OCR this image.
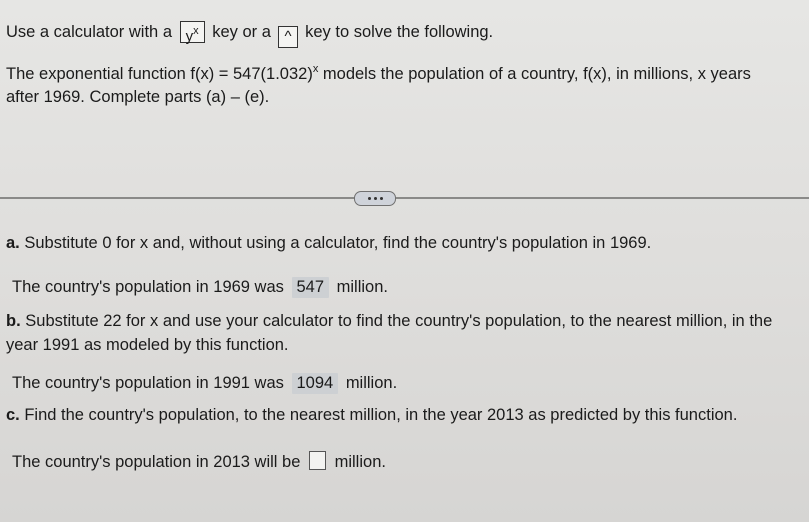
Use a calculator with a $y^x$ key or a ^ key to solve the following.
The exponential function $f(x) = 547(1.032)^x$ models the population of a country, f(x), in millions, x years
after 1969. Complete parts (a) – (e).
a. Substitute 0 for x and, without using a calculator, find the country's population in 1969.
The country's population in 1969 was 547 million.
b. Substitute 22 for x and use your calculator to find the country's population, to the nearest million, in the
year 1991 as modeled by this function.
The country's population in 1991 was 1094 million.
c. Find the country's population, to the nearest million, in the year 2013 as predicted by this function.
The country's population in 2013 will be million.
